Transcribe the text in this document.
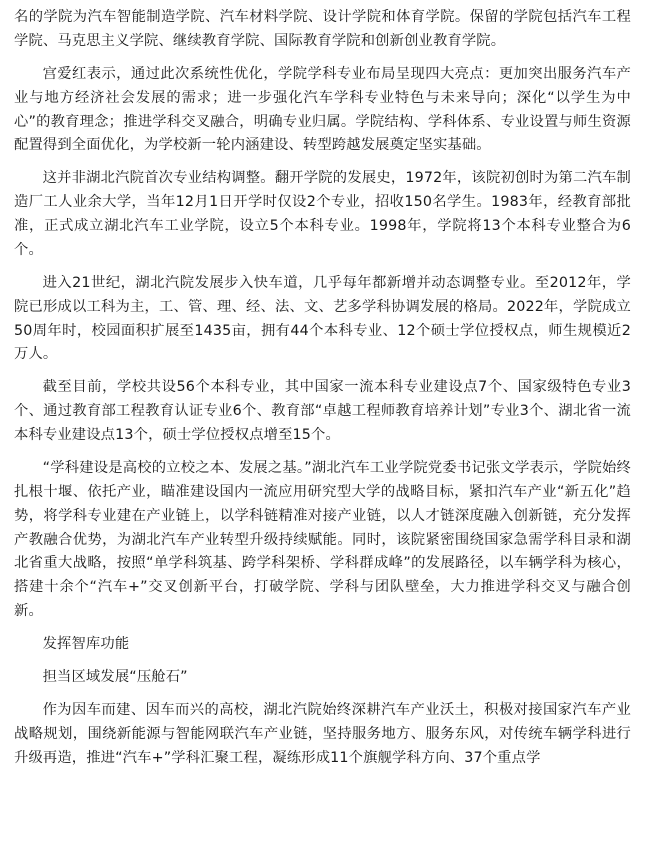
名的学院为汽车智能制造学院、汽车材料学院、设计学院和体育学院。保留的学院包括汽车工程学院、马克思主义学院、继续教育学院、国际教育学院和创新创业教育学院。

宫爱红表示，通过此次系统性优化，学院学科专业布局呈现四大亮点：更加突出服务汽车产业与地方经济社会发展的需求；进一步强化汽车学科专业特色与未来导向；深化“以学生为中心”的教育理念；推进学科交叉融合，明确专业归属。学院结构、学科体系、专业设置与师生资源配置得到全面优化，为学校新一轮内涵建设、转型跨越发展奠定坚实基础。

这并非湖北汽院首次专业结构调整。翻开学院的发展史，1972年，该院初创时为第二汽车制造厂工人业余大学，当年12月1日开学时仅设2个专业，招收150名学生。1983年，经教育部批准，正式成立湖北汽车工业学院，设立5个本科专业。1998年，学院将13个本科专业整合为6个。

进入21世纪，湖北汽院发展步入快车道，几乎每年都新增并动态调整专业。至2012年，学院已形成以工科为主，工、管、理、经、法、文、艺多学科协调发展的格局。2022年，学院成立50周年时，校园面积扩展至1435亩，拥有44个本科专业、12个硕士学位授权点，师生规模近2万人。

截至目前，学校共设56个本科专业，其中国家一流本科专业建设点7个、国家级特色专业3个、通过教育部工程教育认证专业6个、教育部“卓越工程师教育培养计划”专业3个、湖北省一流本科专业建设点13个，硕士学位授权点增至15个。

“学科建设是高校的立校之本、发展之基。”湖北汽车工业学院党委书记张文学表示，学院始终扎根十堰、依托产业，瞄准建设国内一流应用研究型大学的战略目标，紧扣汽车产业“新五化”趋势，将学科专业建在产业链上，以学科链精准对接产业链，以人才链深度融入创新链，充分发挥产教融合优势，为湖北汽车产业转型升级持续赋能。同时，该院紧密围绕国家急需学科目录和湖北省重大战略，按照“单学科筑基、跨学科架桥、学科群成峰”的发展路径，以车辆学科为核心，搭建十余个“汽车+”交叉创新平台，打破学院、学科与团队壁垒，大力推进学科交叉与融合创新。

发挥智库功能

担当区域发展“压舱石”

作为因车而建、因车而兴的高校，湖北汽院始终深耕汽车产业沃土，积极对接国家汽车产业战略规划，围绕新能源与智能网联汽车产业链，坚持服务地方、服务东风，对传统车辆学科进行升级再造，推进“汽车+”学科汇聚工程，凝练形成11个旗舰学科方向、37个重点学
